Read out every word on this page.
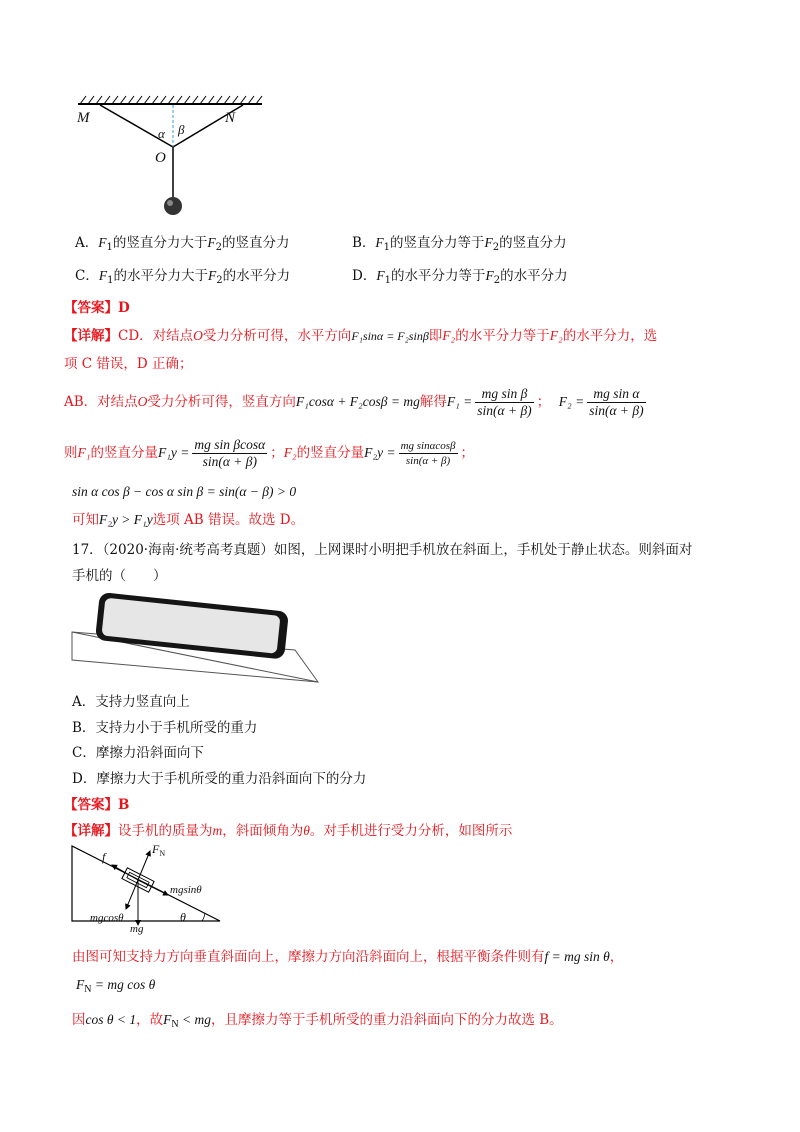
M	N
α β
O
A．$F_1$的竖直分力大于$F_2$的竖直分力	B．$F_1$的竖直分力等于$F_2$的竖直分力
C．$F_1$的水平分力大于$F_2$的水平分力	D．$F_1$的水平分力等于$F_2$的水平分力
【答案】D
【详解】CD．对结点O受力分析可得，水平方向F₁sinα = F₂sinβ即F₂的水平分力等于F₂的水平分力，选
项 C 错误，D 正确；
AB．对结点O受力分析可得，竖直方向F₁cosα + F₂cosβ = mg解得$F_1 = \frac{\text{mg sin β}}{\sin(\alpha + \beta)}$ ； $F_2 = \frac{\text{mg sin α}}{\sin(\alpha + \beta)}$
则F₁的竖直分量$F_1y = \frac{\text{mg sin βcosα}}{\sin(\alpha + \beta)}$ ；F₂的竖直分量$F_2y = \frac{\text{mg sinαcosβ}}{\sin(\alpha + \beta)}$ ；
sin α cos β − cos α sin β = sin(α − β) > 0
可知F₂y > F₁y选项 AB 错误。故选 D。
17．（2020·海南·统考高考真题）如图，上网课时小明把手机放在斜面上，手机处于静止状态。则斜面对
手机的（　　）
A．支持力竖直向上
B．支持力小于手机所受的重力
C．摩擦力沿斜面向下
D．摩擦力大于手机所受的重力沿斜面向下的分力
【答案】B
【详解】设手机的质量为m，斜面倾角为θ。对手机进行受力分析，如图所示
f
$F_N$
mgsinθ
mgcosθ
mg
θ
由图可知支持力方向垂直斜面向上，摩擦力方向沿斜面向上，根据平衡条件则有f = mg sin θ，
$F_N$ = mg cos θ
因cos θ < 1，故$F_N$ < mg，且摩擦力等于手机所受的重力沿斜面向下的分力故选 B。
